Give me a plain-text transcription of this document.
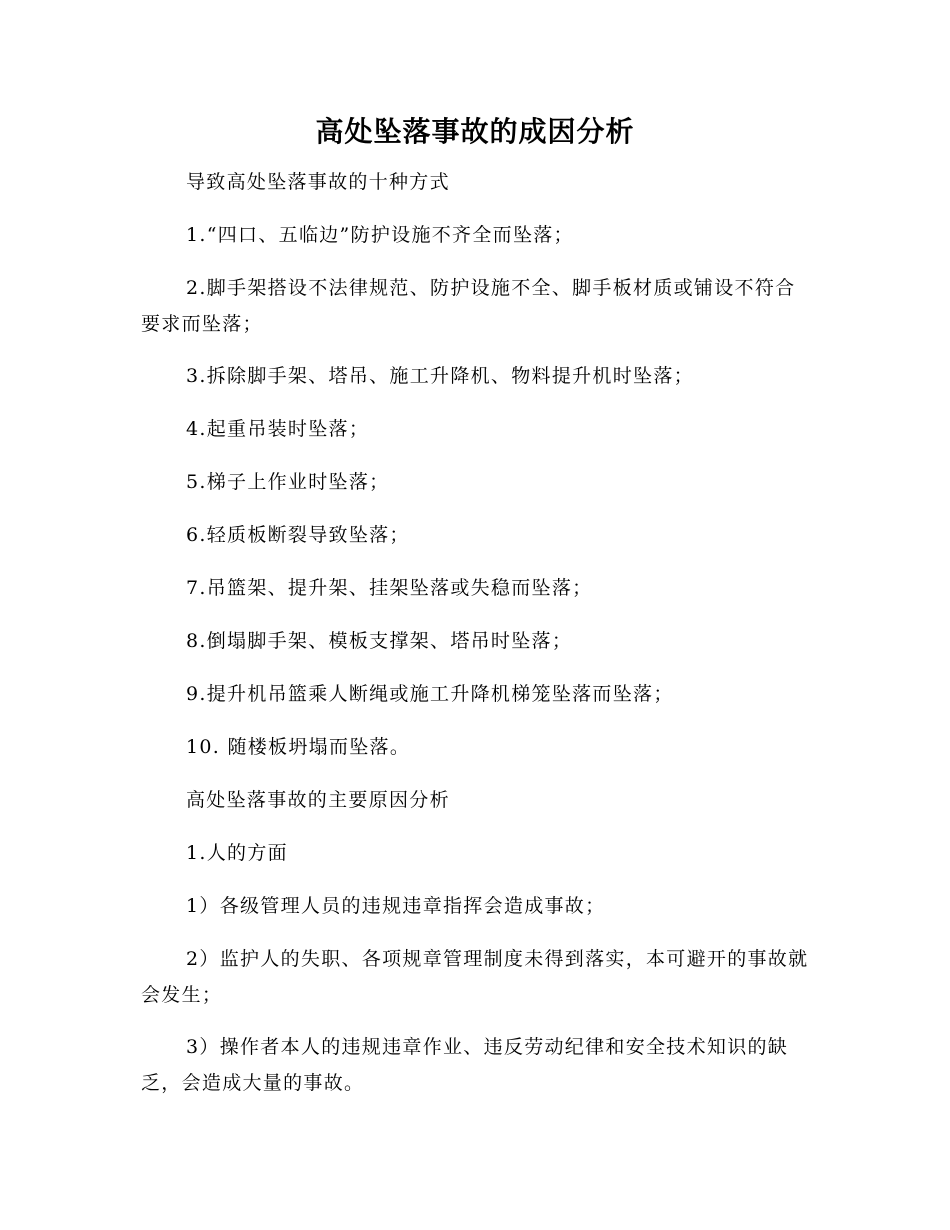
高处坠落事故的成因分析

导致高处坠落事故的十种方式

1.“四口、五临边”防护设施不齐全而坠落；

2.脚手架搭设不法律规范、防护设施不全、脚手板材质或铺设不符合要求而坠落；

3.拆除脚手架、塔吊、施工升降机、物料提升机时坠落；

4.起重吊装时坠落；

5.梯子上作业时坠落；

6.轻质板断裂导致坠落；

7.吊篮架、提升架、挂架坠落或失稳而坠落；

8.倒塌脚手架、模板支撑架、塔吊时坠落；

9.提升机吊篮乘人断绳或施工升降机梯笼坠落而坠落；

10. 随楼板坍塌而坠落。

高处坠落事故的主要原因分析

1.人的方面

1）各级管理人员的违规违章指挥会造成事故；

2）监护人的失职、各项规章管理制度未得到落实，本可避开的事故就会发生；

3）操作者本人的违规违章作业、违反劳动纪律和安全技术知识的缺乏，会造成大量的事故。
